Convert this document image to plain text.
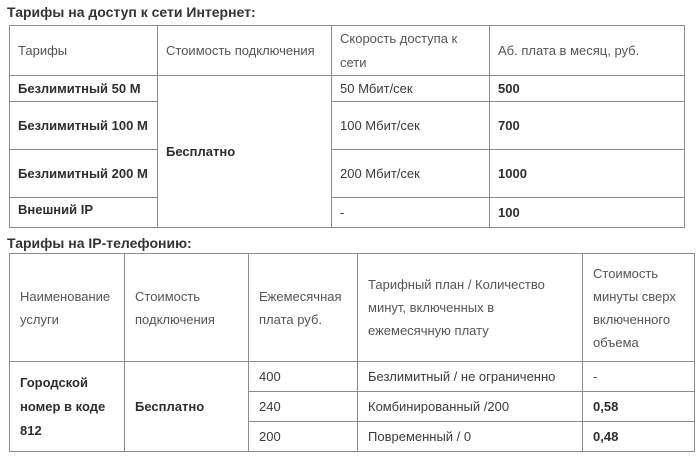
Тарифы на доступ к сети Интернет:
Тарифы	Стоимость подключения	Скорость доступа к сети	Аб. плата в месяц, руб.
Безлимитный 50 М	Бесплатно	50 Мбит/сек	500
Безлимитный 100 М		100 Мбит/сек	700
Безлимитный 200 М		200 Мбит/сек	1000
Внешний IP		-	100
Тарифы на IP-телефонию:
Наименование услуги	Стоимость подключения	Ежемесячная плата руб.	Тарифный план / Количество минут, включенных в ежемесячную плату	Стоимость минуты сверх включенного объема
Городской номер в коде 812	Бесплатно	400	Безлимитный / не ограниченно	-
		240	Комбинированный /200	0,58
		200	Повременный / 0	0,48
